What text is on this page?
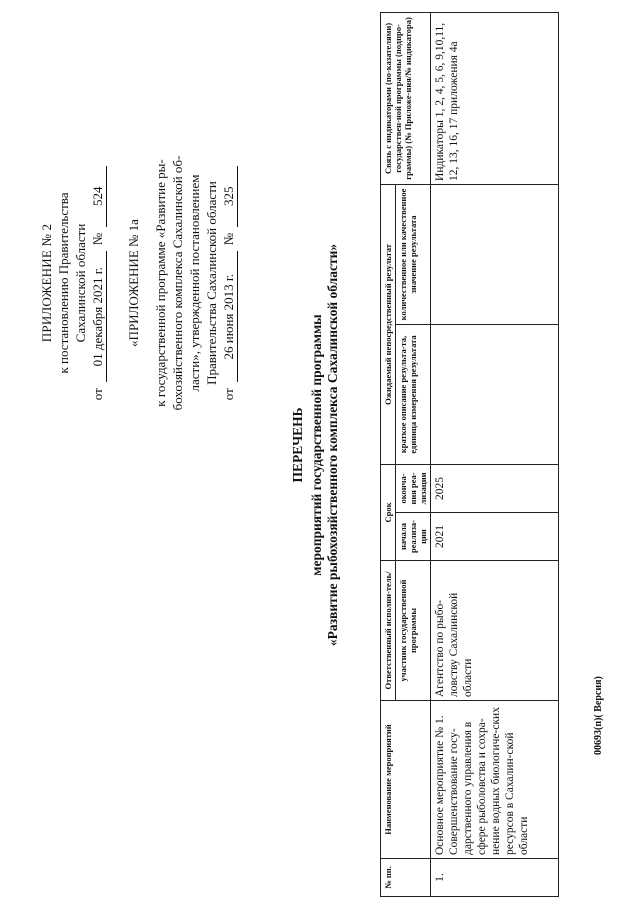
ПРИЛОЖЕНИЕ № 2 к постановлению Правительства Сахалинской области
от
01 декабря 2021 г.
№
524
«ПРИЛОЖЕНИЕ № 1а к государственной программе «Развитие ры- бохозяйственного комплекса Сахалинской об- ласти», утвержденной постановлением Правительства Сахалинской области
от
26 июня 2013 г.
№
325
ПЕРЕЧЕНЬ мероприятий государственной программы «Развитие рыбохозяйственного комплекса Сахалинской области»
№ пп.	Наименование мероприятий	Ответственный исполни-тель/	Срок		Ожидаемый непосредственный результат		Связь с индикаторами (по-казателями) государствен-ной программы (подпро-граммы) (№ Приложе-ния/№ индикатора)
		участник государственной программы	начала реализа-ции	оконча-ния реа-лизации	краткое описание результа-та, единица измерения результата	количественное или качественное значение результата	
1.	Основное мероприятие № 1. Совершенствование госу-дарственного управления в сфере рыболовства и сохра-нение водных биологиче-ских ресурсов в Сахалин-ской области	Агентство по рыбо-ловству Сахалинской области	2021	2025			Индикаторы 1, 2, 4, 5, 6, 9,10,11, 12, 13, 16, 17 приложения 4а
00693(п)( Версия)
